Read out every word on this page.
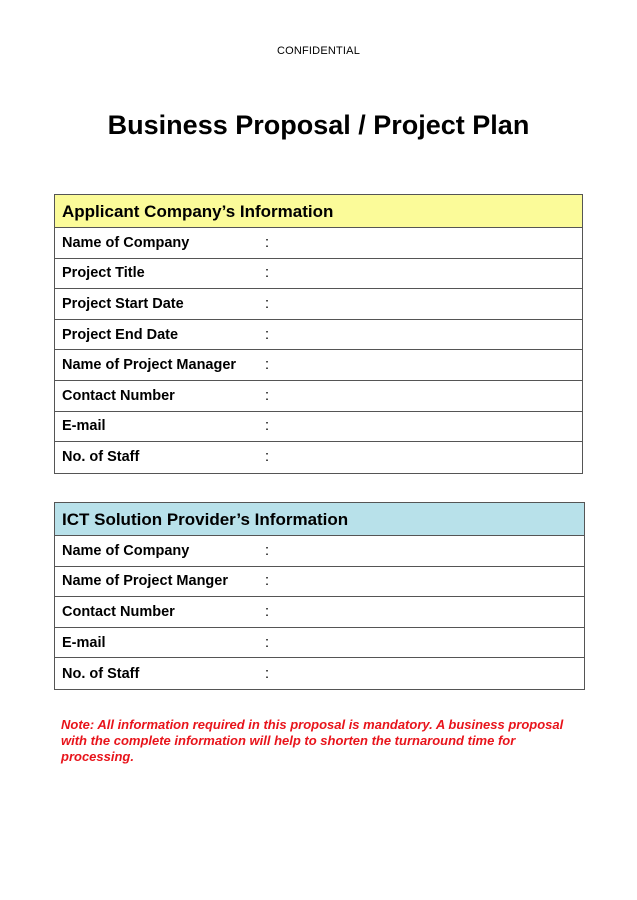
CONFIDENTIAL
Business Proposal / Project Plan
Applicant Company’s Information
Name of Company	:
Project Title	:
Project Start Date	:
Project End Date	:
Name of Project Manager	:
Contact Number	:
E-mail	:
No. of Staff	:
ICT Solution Provider’s Information
Name of Company	:
Name of Project Manger	:
Contact Number	:
E-mail	:
No. of Staff	:

Note: All information required in this proposal is mandatory. A business proposal with the complete information will help to shorten the turnaround time for processing.
